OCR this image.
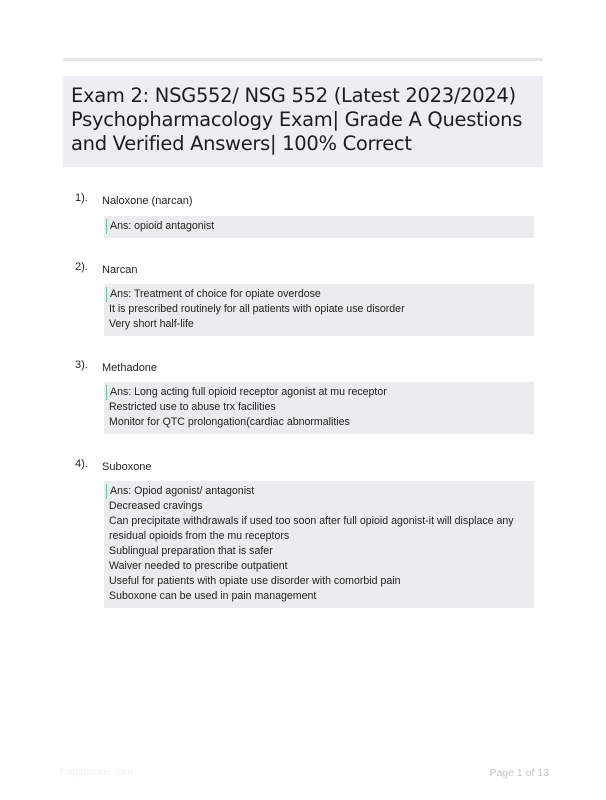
Exam 2: NSG552/ NSG 552 (Latest 2023/2024) Psychopharmacology Exam| Grade A Questions and Verified Answers| 100% Correct
1). Naloxone (narcan)
Ans: opioid antagonist
2). Narcan
Ans: Treatment of choice for opiate overdose
It is prescribed routinely for all patients with opiate use disorder
Very short half-life
3). Methadone
Ans: Long acting full opioid receptor agonist at mu receptor
Restricted use to abuse trx facilities
Monitor for QTC prolongation(cardiac abnormalities
4). Suboxone
Ans: Opiod agonist/ antagonist
Decreased cravings
Can precipitate withdrawals if used too soon after full opioid agonist-it will displace any
residual opioids from the mu receptors
Sublingual preparation that is safer
Waiver needed to prescribe outpatient
Useful for patients with opiate use disorder with comorbid pain
Suboxone can be used in pain management
Paperstone.com	Page 1 of 13
